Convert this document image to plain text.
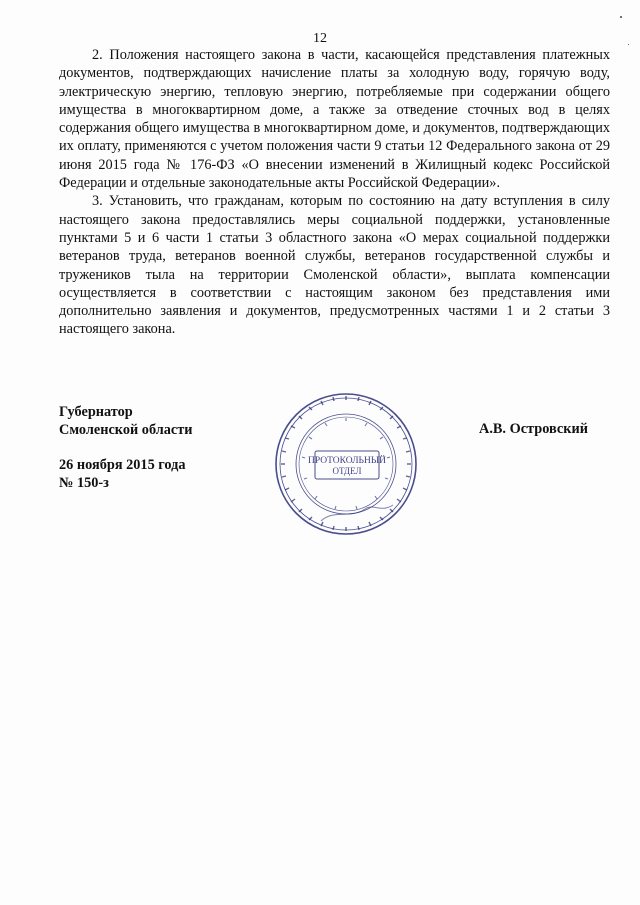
12

2. Положения настоящего закона в части, касающейся представления платежных документов, подтверждающих начисление платы за холодную воду, горячую воду, электрическую энергию, тепловую энергию, потребляемые при содержании общего имущества в многоквартирном доме, а также за отведение сточных вод в целях содержания общего имущества в многоквартирном доме, и документов, подтверждающих их оплату, применяются с учетом положения части 9 статьи 12 Федерального закона от 29 июня 2015 года № 176-ФЗ «О внесении изменений в Жилищный кодекс Российской Федерации и отдельные законодательные акты Российской Федерации».

3. Установить, что гражданам, которым по состоянию на дату вступления в силу настоящего закона предоставлялись меры социальной поддержки, установленные пунктами 5 и 6 части 1 статьи 3 областного закона «О мерах социальной поддержки ветеранов труда, ветеранов военной службы, ветеранов государственной службы и тружеников тыла на территории Смоленской области», выплата компенсации осуществляется в соответствии с настоящим законом без представления ими дополнительно заявления и документов, предусмотренных частями 1 и 2 статьи 3 настоящего закона.

Губернатор
Смоленской области
26 ноября 2015 года
№ 150-з
А.В. Островский
ПРОТОКОЛЬНЫЙ
ОТДЕЛ
